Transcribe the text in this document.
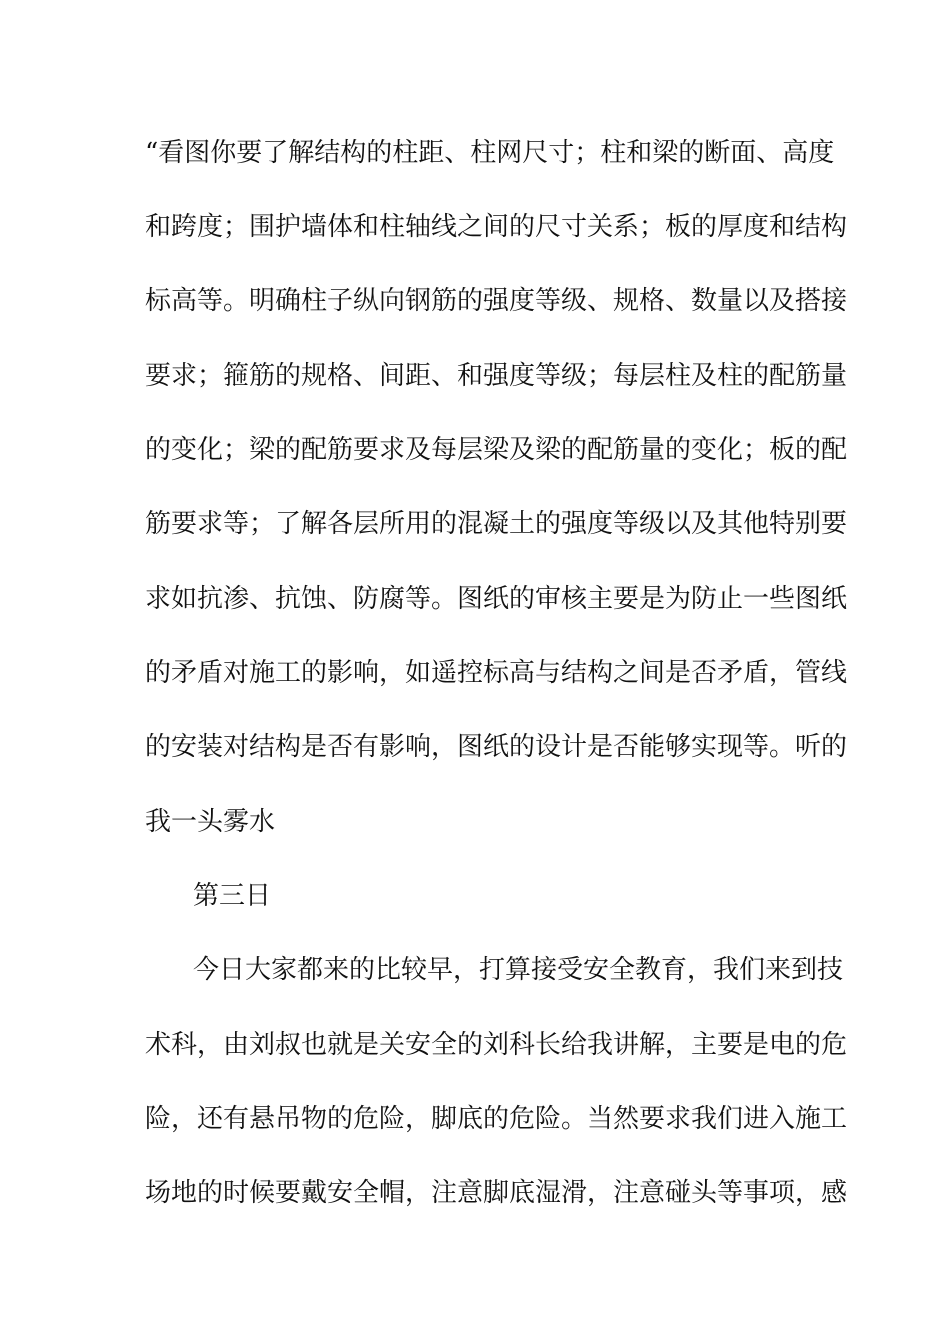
“看图你要了解结构的柱距、柱网尺寸；柱和梁的断面、高度
和跨度；围护墙体和柱轴线之间的尺寸关系；板的厚度和结构
标高等。明确柱子纵向钢筋的强度等级、规格、数量以及搭接
要求；箍筋的规格、间距、和强度等级；每层柱及柱的配筋量
的变化；梁的配筋要求及每层梁及梁的配筋量的变化；板的配
筋要求等；了解各层所用的混凝土的强度等级以及其他特别要
求如抗渗、抗蚀、防腐等。图纸的审核主要是为防止一些图纸
的矛盾对施工的影响，如遥控标高与结构之间是否矛盾，管线
的安装对结构是否有影响，图纸的设计是否能够实现等。听的
我一头雾水
第三日
今日大家都来的比较早，打算接受安全教育，我们来到技
术科，由刘叔也就是关安全的刘科长给我讲解，主要是电的危
险，还有悬吊物的危险，脚底的危险。当然要求我们进入施工
场地的时候要戴安全帽，注意脚底湿滑，注意碰头等事项，感
